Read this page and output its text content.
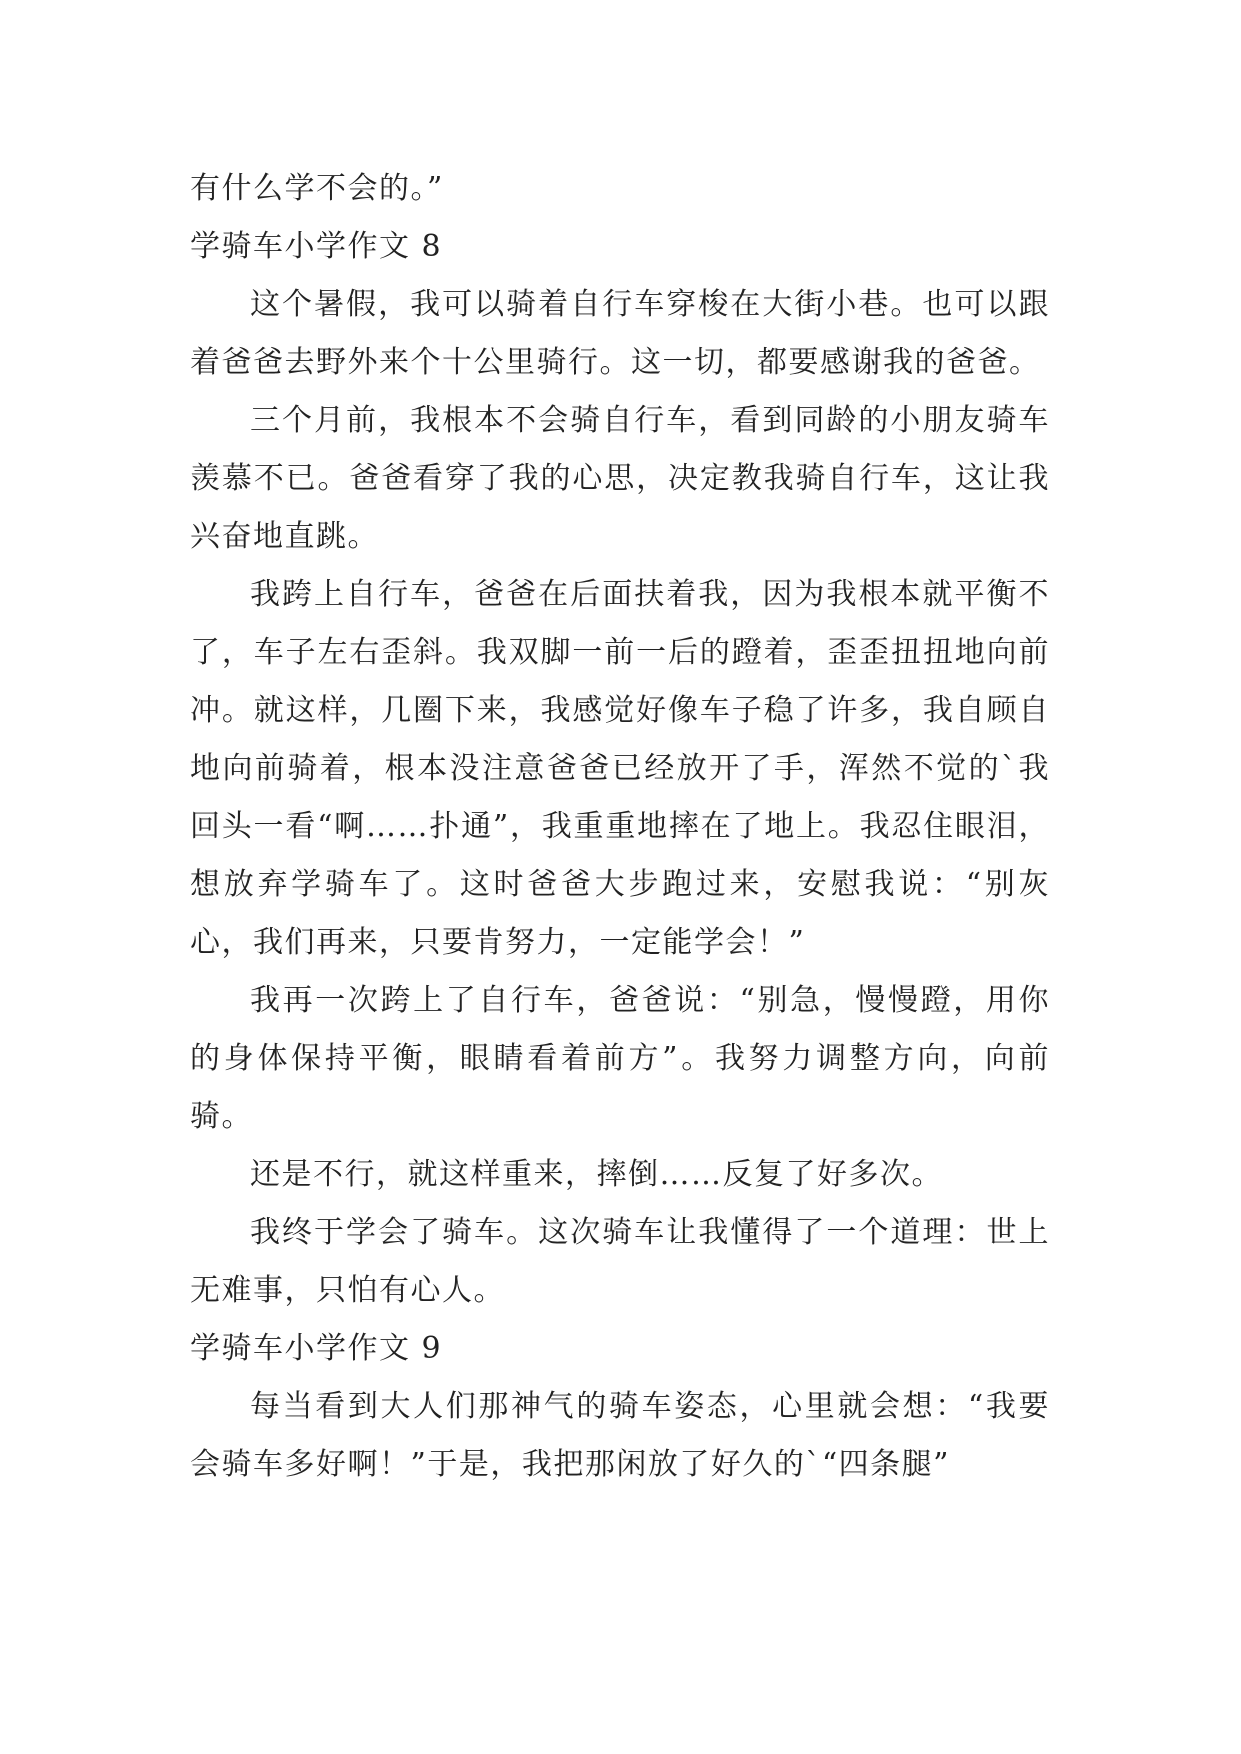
有什么学不会的。”

学骑车小学作文 8

这个暑假，我可以骑着自行车穿梭在大街小巷。也可以跟着爸爸去野外来个十公里骑行。这一切，都要感谢我的爸爸。

三个月前，我根本不会骑自行车，看到同龄的小朋友骑车羡慕不已。爸爸看穿了我的心思，决定教我骑自行车，这让我兴奋地直跳。

我跨上自行车，爸爸在后面扶着我，因为我根本就平衡不了，车子左右歪斜。我双脚一前一后的蹬着，歪歪扭扭地向前冲。就这样，几圈下来，我感觉好像车子稳了许多，我自顾自地向前骑着，根本没注意爸爸已经放开了手，浑然不觉的`我回头一看“啊……扑通”，我重重地摔在了地上。我忍住眼泪，想放弃学骑车了。这时爸爸大步跑过来，安慰我说：“别灰心，我们再来，只要肯努力，一定能学会！”

我再一次跨上了自行车，爸爸说：“别急，慢慢蹬，用你的身体保持平衡，眼睛看着前方”。我努力调整方向，向前骑。

还是不行，就这样重来，摔倒……反复了好多次。

我终于学会了骑车。这次骑车让我懂得了一个道理：世上无难事，只怕有心人。

学骑车小学作文 9

每当看到大人们那神气的骑车姿态，心里就会想：“我要会骑车多好啊！”于是，我把那闲放了好久的`“四条腿”
